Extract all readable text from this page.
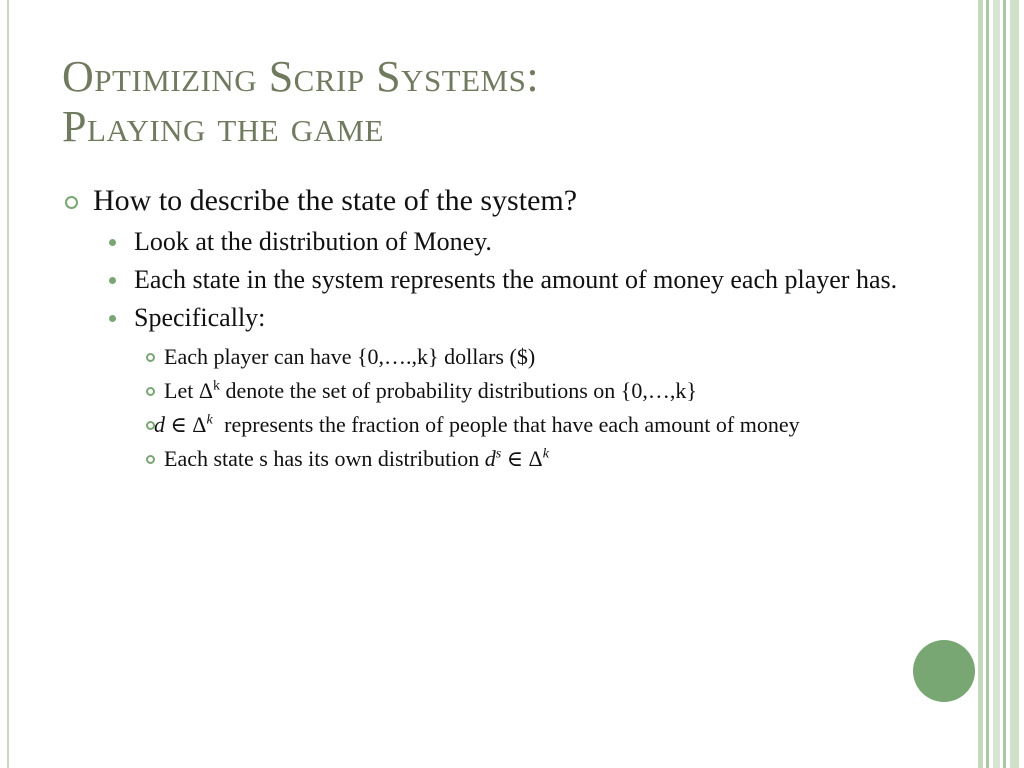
Optimizing Scrip Systems:
Playing the game
How to describe the state of the system?
Look at the distribution of Money.
Each state in the system represents the amount of money each player has.
Specifically:
Each player can have {0,….,k} dollars ($)
Let $\Delta^k$ denote the set of probability distributions on {0,…,k}
d ∈ $\Delta^k$ represents the fraction of people that have each amount of money
Each state s has its own distribution $d^s$ ∈ $\Delta^k$
